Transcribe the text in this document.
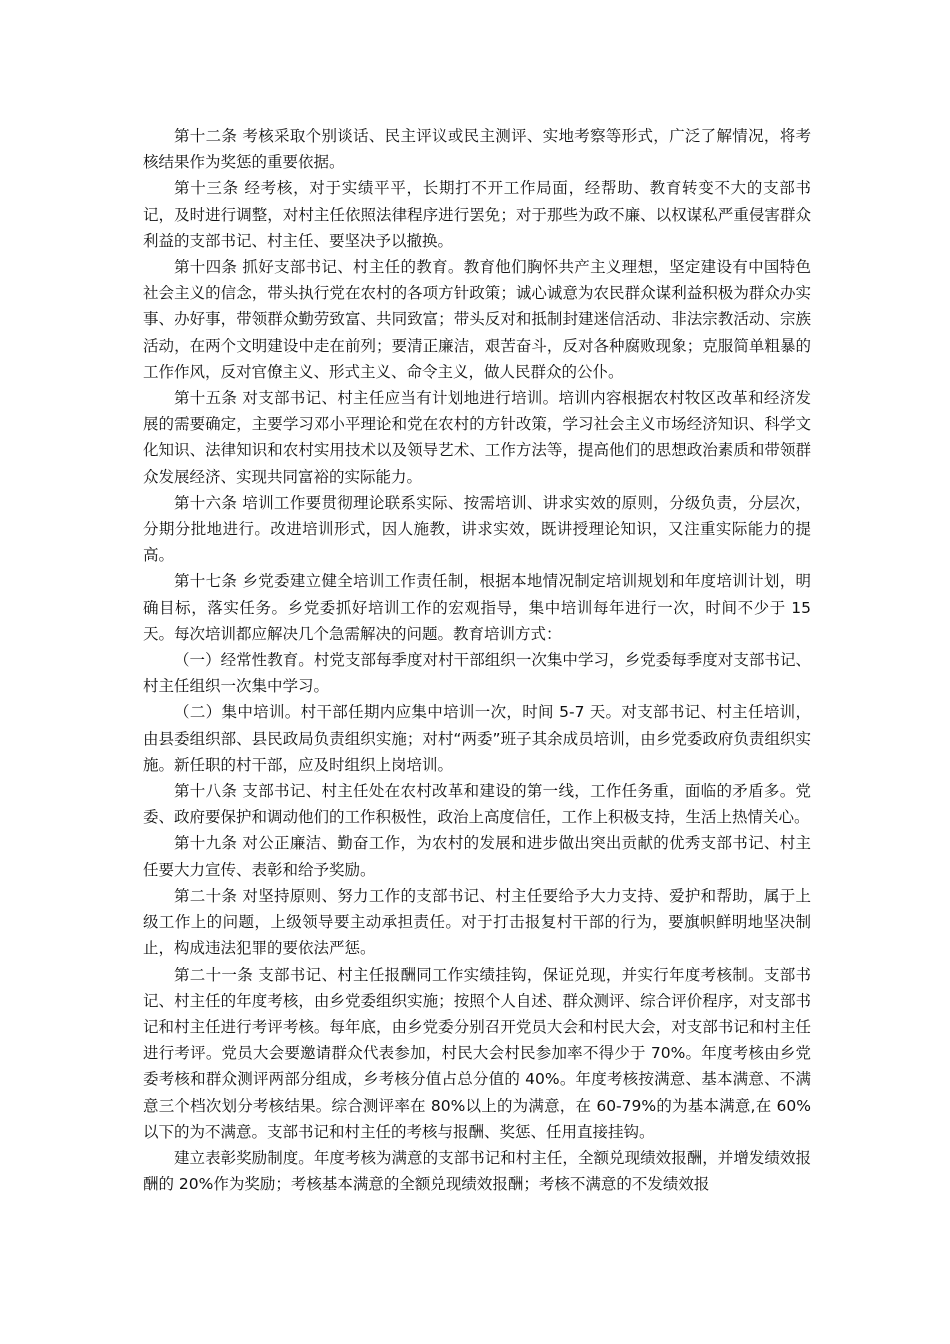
第十二条 考核采取个别谈话、民主评议或民主测评、实地考察等形式，广泛了解情况，将考核结果作为奖惩的重要依据。

第十三条 经考核，对于实绩平平，长期打不开工作局面，经帮助、教育转变不大的支部书记，及时进行调整，对村主任依照法律程序进行罢免；对于那些为政不廉、以权谋私严重侵害群众利益的支部书记、村主任、要坚决予以撤换。

第十四条 抓好支部书记、村主任的教育。教育他们胸怀共产主义理想，坚定建设有中国特色社会主义的信念，带头执行党在农村的各项方针政策；诚心诚意为农民群众谋利益积极为群众办实事、办好事，带领群众勤劳致富、共同致富；带头反对和抵制封建迷信活动、非法宗教活动、宗族活动，在两个文明建设中走在前列；要清正廉洁，艰苦奋斗，反对各种腐败现象；克服简单粗暴的工作作风，反对官僚主义、形式主义、命令主义，做人民群众的公仆。

第十五条 对支部书记、村主任应当有计划地进行培训。培训内容根据农村牧区改革和经济发展的需要确定，主要学习邓小平理论和党在农村的方针改策，学习社会主义市场经济知识、科学文化知识、法律知识和农村实用技术以及领导艺术、工作方法等，提高他们的思想政治素质和带领群众发展经济、实现共同富裕的实际能力。

第十六条 培训工作要贯彻理论联系实际、按需培训、讲求实效的原则，分级负责，分层次，分期分批地进行。改进培训形式，因人施教，讲求实效，既讲授理论知识，又注重实际能力的提高。

第十七条 乡党委建立健全培训工作责任制，根据本地情况制定培训规划和年度培训计划，明确目标，落实任务。乡党委抓好培训工作的宏观指导，集中培训每年进行一次，时间不少于 15 天。每次培训都应解决几个急需解决的问题。教育培训方式：

（一）经常性教育。村党支部每季度对村干部组织一次集中学习，乡党委每季度对支部书记、村主任组织一次集中学习。

（二）集中培训。村干部任期内应集中培训一次，时间 5-7 天。对支部书记、村主任培训，由县委组织部、县民政局负责组织实施；对村“两委”班子其余成员培训，由乡党委政府负责组织实施。新任职的村干部，应及时组织上岗培训。

第十八条 支部书记、村主任处在农村改革和建设的第一线，工作任务重，面临的矛盾多。党委、政府要保护和调动他们的工作积极性，政治上高度信任，工作上积极支持，生活上热情关心。

第十九条 对公正廉洁、勤奋工作，为农村的发展和进步做出突出贡献的优秀支部书记、村主任要大力宣传、表彰和给予奖励。

第二十条 对坚持原则、努力工作的支部书记、村主任要给予大力支持、爱护和帮助，属于上级工作上的问题，上级领导要主动承担责任。对于打击报复村干部的行为，要旗帜鲜明地坚决制止，构成违法犯罪的要依法严惩。

第二十一条 支部书记、村主任报酬同工作实绩挂钩，保证兑现，并实行年度考核制。支部书记、村主任的年度考核，由乡党委组织实施；按照个人自述、群众测评、综合评价程序，对支部书记和村主任进行考评考核。每年底，由乡党委分别召开党员大会和村民大会，对支部书记和村主任进行考评。党员大会要邀请群众代表参加，村民大会村民参加率不得少于 70%。年度考核由乡党委考核和群众测评两部分组成，乡考核分值占总分值的 40%。年度考核按满意、基本满意、不满意三个档次划分考核结果。综合测评率在 80%以上的为满意，在 60-79%的为基本满意,在 60%以下的为不满意。支部书记和村主任的考核与报酬、奖惩、任用直接挂钩。

建立表彰奖励制度。年度考核为满意的支部书记和村主任，全额兑现绩效报酬，并增发绩效报酬的 20%作为奖励；考核基本满意的全额兑现绩效报酬；考核不满意的不发绩效报
